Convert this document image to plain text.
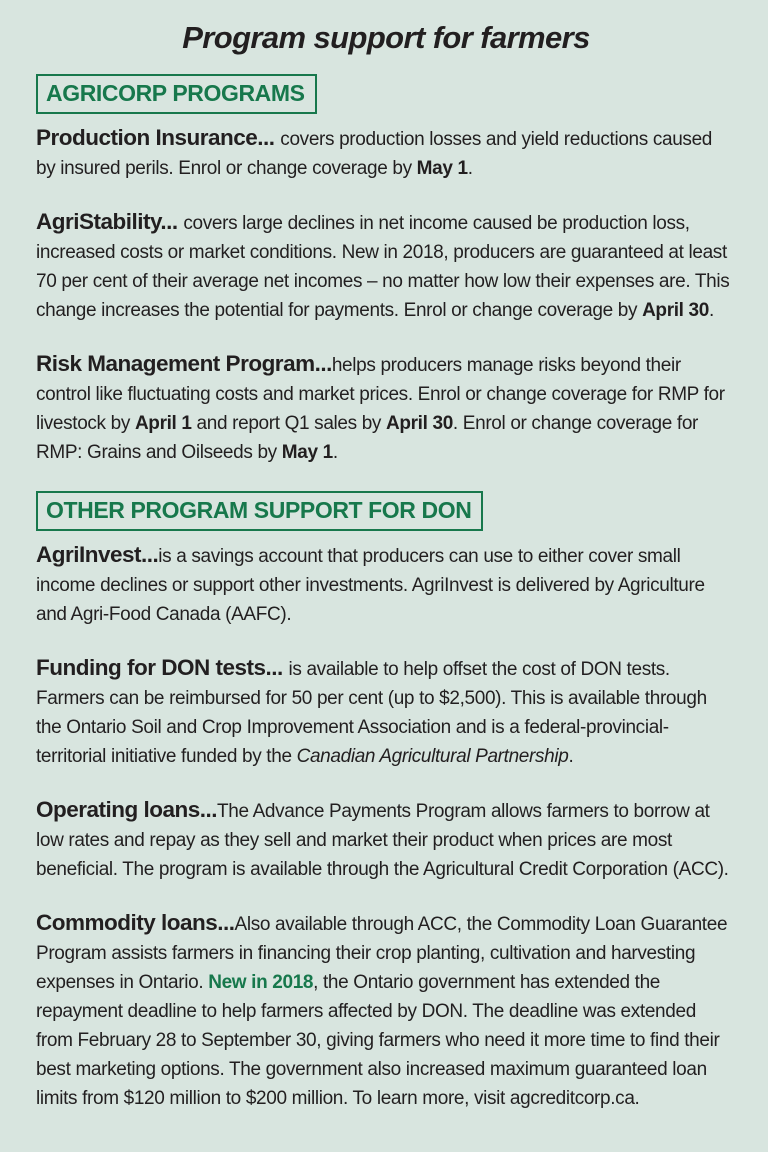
Program support for farmers
AGRICORP PROGRAMS

Production Insurance... covers production losses and yield reductions caused by insured perils. Enrol or change coverage by May 1.

AgriStability... covers large declines in net income caused be production loss, increased costs or market conditions. New in 2018, producers are guaranteed at least 70 per cent of their average net incomes – no matter how low their expenses are. This change increases the potential for payments. Enrol or change coverage by April 30.

Risk Management Program...helps producers manage risks beyond their control like fluctuating costs and market prices. Enrol or change coverage for RMP for livestock by April 1 and report Q1 sales by April 30. Enrol or change coverage for RMP: Grains and Oilseeds by May 1.

OTHER PROGRAM SUPPORT FOR DON

AgriInvest...is a savings account that producers can use to either cover small income declines or support other investments. AgriInvest is delivered by Agriculture and Agri-Food Canada (AAFC).

Funding for DON tests... is available to help offset the cost of DON tests. Farmers can be reimbursed for 50 per cent (up to $2,500). This is available through the Ontario Soil and Crop Improvement Association and is a federal-provincial-territorial initiative funded by the Canadian Agricultural Partnership.

Operating loans...The Advance Payments Program allows farmers to borrow at low rates and repay as they sell and market their product when prices are most beneficial. The program is available through the Agricultural Credit Corporation (ACC).

Commodity loans...Also available through ACC, the Commodity Loan Guarantee Program assists farmers in financing their crop planting, cultivation and harvesting expenses in Ontario. New in 2018, the Ontario government has extended the repayment deadline to help farmers affected by DON. The deadline was extended from February 28 to September 30, giving farmers who need it more time to find their best marketing options. The government also increased maximum guaranteed loan limits from $120 million to $200 million. To learn more, visit agcreditcorp.ca.
